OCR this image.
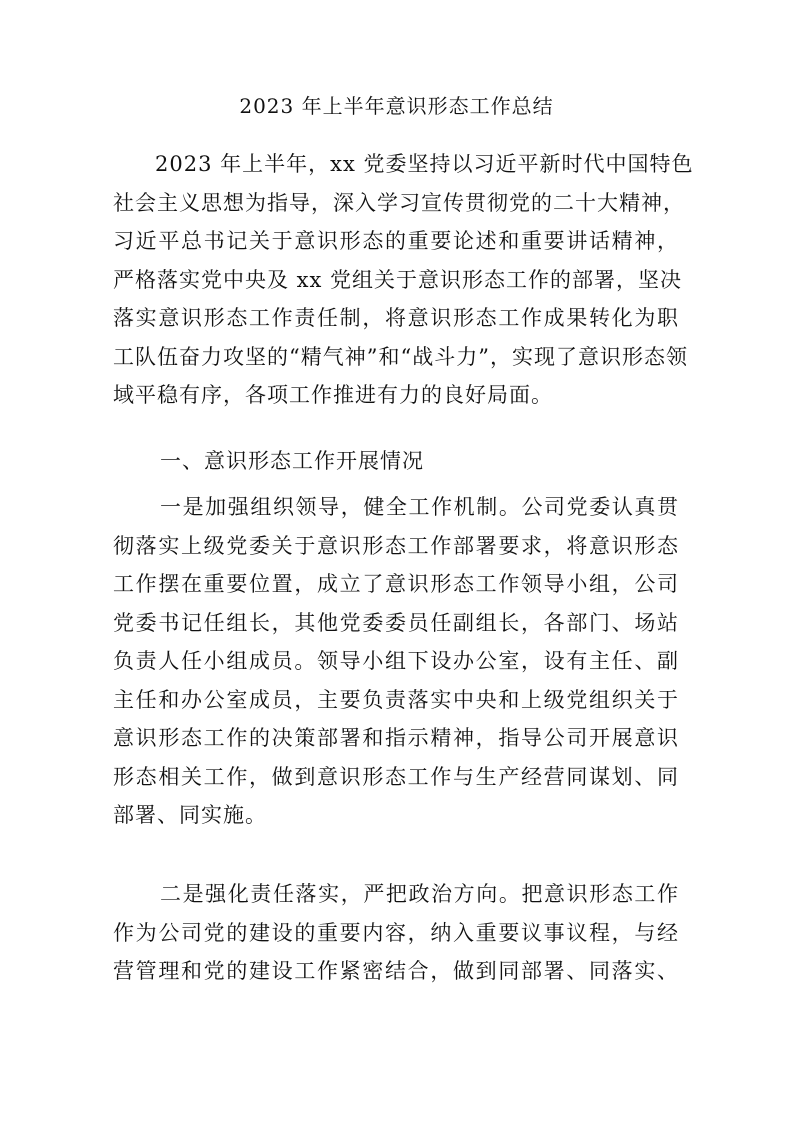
2023 年上半年意识形态工作总结
2023 年上半年，xx 党委坚持以习近平新时代中国特色
社会主义思想为指导，深入学习宣传贯彻党的二十大精神，
习近平总书记关于意识形态的重要论述和重要讲话精神，
严格落实党中央及 xx 党组关于意识形态工作的部署，坚决
落实意识形态工作责任制，将意识形态工作成果转化为职
工队伍奋力攻坚的“精气神”和“战斗力”，实现了意识形态领
域平稳有序，各项工作推进有力的良好局面。
一、意识形态工作开展情况
一是加强组织领导，健全工作机制。公司党委认真贯
彻落实上级党委关于意识形态工作部署要求，将意识形态
工作摆在重要位置，成立了意识形态工作领导小组，公司
党委书记任组长，其他党委委员任副组长，各部门、场站
负责人任小组成员。领导小组下设办公室，设有主任、副
主任和办公室成员，主要负责落实中央和上级党组织关于
意识形态工作的决策部署和指示精神，指导公司开展意识
形态相关工作，做到意识形态工作与生产经营同谋划、同
部署、同实施。
二是强化责任落实，严把政治方向。把意识形态工作
作为公司党的建设的重要内容，纳入重要议事议程，与经
营管理和党的建设工作紧密结合，做到同部署、同落实、
